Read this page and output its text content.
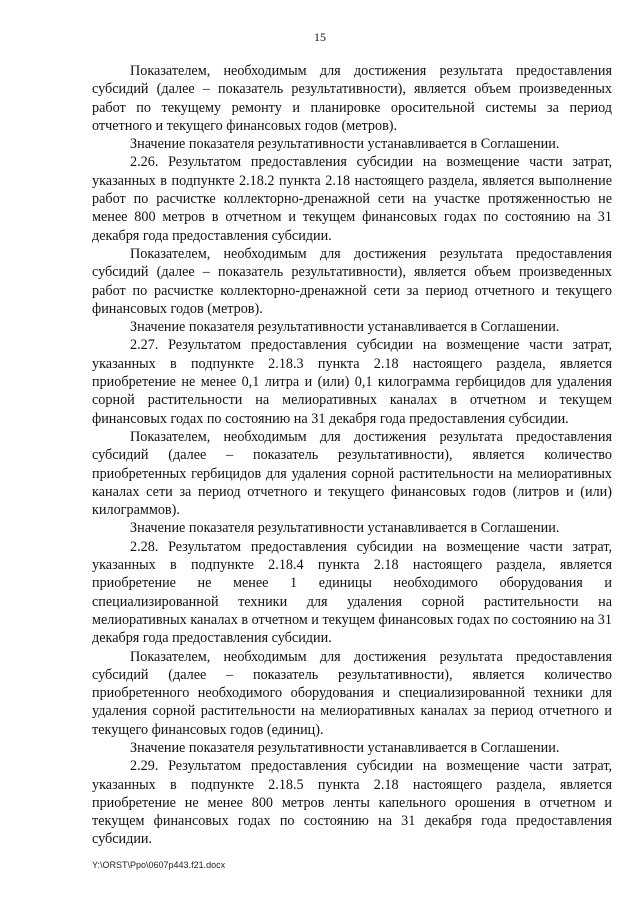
15

Показателем, необходимым для достижения результата предоставления субсидий (далее – показатель результативности), является объем произведенных работ по текущему ремонту и планировке оросительной системы за период отчетного и текущего финансовых годов (метров).

Значение показателя результативности устанавливается в Соглашении.

2.26. Результатом предоставления субсидии на возмещение части затрат, указанных в подпункте 2.18.2 пункта 2.18 настоящего раздела, является выполнение работ по расчистке коллекторно-дренажной сети на участке протяженностью не менее 800 метров в отчетном и текущем финансовых годах по состоянию на 31 декабря года предоставления субсидии.

Показателем, необходимым для достижения результата предоставления субсидий (далее – показатель результативности), является объем произведенных работ по расчистке коллекторно-дренажной сети за период отчетного и текущего финансовых годов (метров).

Значение показателя результативности устанавливается в Соглашении.

2.27. Результатом предоставления субсидии на возмещение части затрат, указанных в подпункте 2.18.3 пункта 2.18 настоящего раздела, является приобретение не менее 0,1 литра и (или) 0,1 килограмма гербицидов для удаления сорной растительности на мелиоративных каналах в отчетном и текущем финансовых годах по состоянию на 31 декабря года предоставления субсидии.

Показателем, необходимым для достижения результата предоставления субсидий (далее – показатель результативности), является количество приобретенных гербицидов для удаления сорной растительности на мелиоративных каналах сети за период отчетного и текущего финансовых годов (литров и (или) килограммов).

Значение показателя результативности устанавливается в Соглашении.

2.28. Результатом предоставления субсидии на возмещение части затрат, указанных в подпункте 2.18.4 пункта 2.18 настоящего раздела, является приобретение не менее 1 единицы необходимого оборудования и специализированной техники для удаления сорной растительности на мелиоративных каналах в отчетном и текущем финансовых годах по состоянию на 31 декабря года предоставления субсидии.

Показателем, необходимым для достижения результата предоставления субсидий (далее – показатель результативности), является количество приобретенного необходимого оборудования и специализированной техники для удаления сорной растительности на мелиоративных каналах за период отчетного и текущего финансовых годов (единиц).

Значение показателя результативности устанавливается в Соглашении.

2.29. Результатом предоставления субсидии на возмещение части затрат, указанных в подпункте 2.18.5 пункта 2.18 настоящего раздела, является приобретение не менее 800 метров ленты капельного орошения в отчетном и текущем финансовых годах по состоянию на 31 декабря года предоставления субсидии.

Y:\ORST\Ppo\0607p443.f21.docx
